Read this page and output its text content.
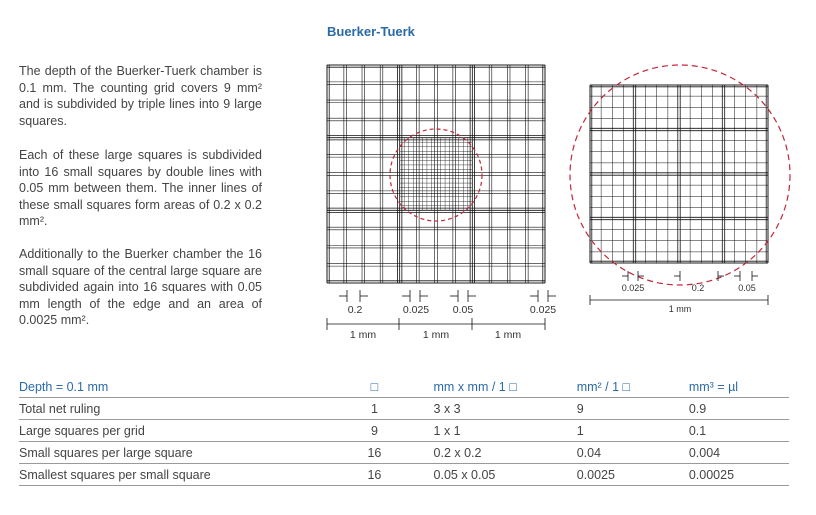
Buerker-Tuerk

The depth of the Buerker-Tuerk chamber is 0.1 mm. The counting grid covers 9 mm² and is subdivided by triple lines into 9 large squares.

Each of these large squares is subdivided into 16 small squares by double lines with 0.05 mm between them. The inner lines of these small squares form areas of 0.2 x 0.2 mm².

Additionally to the Buerker chamber the 16 small square of the central large square are subdivided again into 16 squares with 0.05 mm length of the edge and an area of 0.0025 mm².

0.2	0.025 0.05	0.025
1 mm	1 mm	1 mm
0.025	0.2	0.05
1 mm
Depth = 0.1 mm	□	mm x mm / 1 □	mm² / 1 □	mm³ = µl
Total net ruling	1	3 x 3	9	0.9
Large squares per grid	9	1 x 1	1	0.1
Small squares per large square	16	0.2 x 0.2	0.04	0.004
Smallest squares per small square	16	0.05 x 0.05	0.0025	0.00025
